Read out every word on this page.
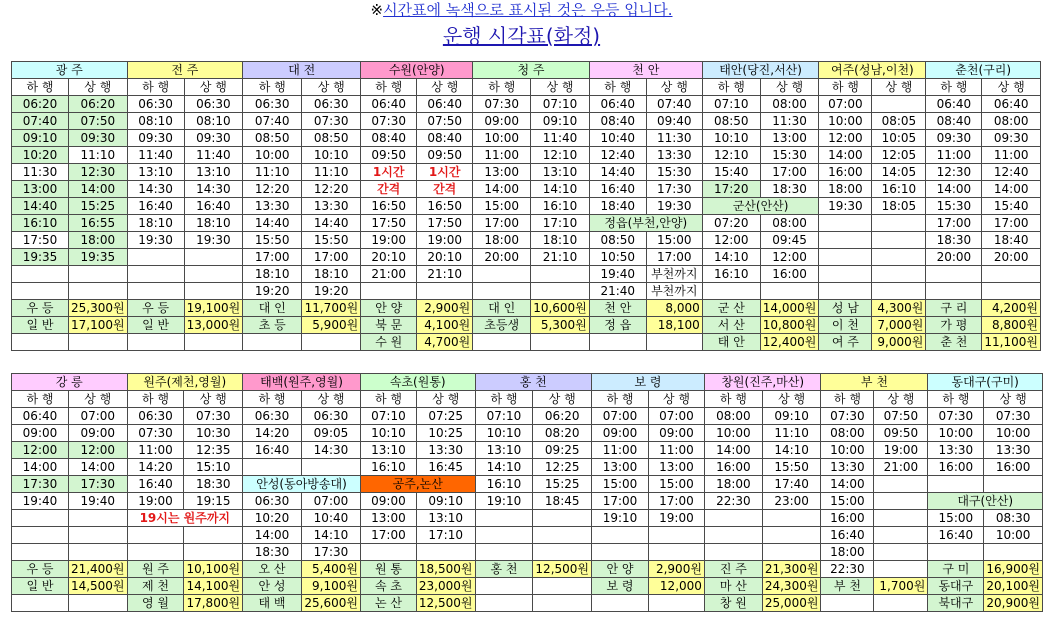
※시간표에 녹색으로 표시된 것은 우등 입니다.
운행 시각표(화정)
광 주		전 주		대 전		수원(안양)		청 주		천 안		태안(당진,서산)		여주(성남,이천)		춘천(구리)	
하 행	상 행	하 행	상 행	하 행	상 행	하 행	상 행	하 행	상 행	하 행	상 행	하 행	상 행	하 행	상 행	하 행	상 행
06:20	06:20	06:30	06:30	06:30	06:30	06:40	06:40	07:30	07:10	06:40	07:40	07:10	08:00	07:00		06:40	06:40
07:40	07:50	08:10	08:10	07:40	07:30	07:30	07:50	09:00	09:10	08:40	09:40	08:50	11:30	10:00	08:05	08:40	08:00
09:10	09:30	09:30	09:30	08:50	08:50	08:40	08:40	10:00	11:40	10:40	11:30	10:10	13:00	12:00	10:05	09:30	09:30
10:20	11:10	11:40	11:40	10:00	10:10	09:50	09:50	11:00	12:10	12:40	13:30	12:10	15:30	14:00	12:05	11:00	11:00
11:30	12:30	13:10	13:10	11:10	11:10	1시간	1시간	13:00	13:10	14:40	15:30	15:40	17:00	16:00	14:05	12:30	12:40
13:00	14:00	14:30	14:30	12:20	12:20	간격	간격	14:00	14:10	16:40	17:30	17:20	18:30	18:00	16:10	14:00	14:00
14:40	15:25	16:40	16:40	13:30	13:30	16:50	16:50	15:00	16:10	18:40	19:30	군산(안산)		19:30	18:05	15:30	15:40
16:10	16:55	18:10	18:10	14:40	14:40	17:50	17:50	17:00	17:10	정읍(부천,안양)		07:20	08:00			17:00	17:00
17:50	18:00	19:30	19:30	15:50	15:50	19:00	19:00	18:00	18:10	08:50	15:00	12:00	09:45			18:30	18:40
19:35	19:35			17:00	17:00	20:10	20:10	20:00	21:10	10:50	17:00	14:10	12:00			20:00	20:00
				18:10	18:10	21:00	21:10			19:40	부천까지	16:10	16:00				
				19:20	19:20					21:40	부천까지						
우 등	25,300원	우 등	19,100원	대 인	11,700원	안 양	2,900원	대 인	10,600원	천 안	8,000	군 산	14,000원	성 남	4,300원	구 리	4,200원
일 반	17,100원	일 반	13,000원	초 등	5,900원	북 문	4,100원	초등생	5,300원	정 읍	18,100	서 산	10,800원	이 천	7,000원	가 평	8,800원
						수 원	4,700원					태 안	12,400원	여 주	9,000원	춘 천	11,100원
강 릉		원주(제천,영월)		태백(원주,영월)		속초(원통)		홍 천		보 령		창원(진주,마산)		부 천		동대구(구미)	
하 행	상 행	하 행	상 행	하 행	상 행	하 행	상 행	하 행	상 행	하 행	상 행	하 행	상 행	하 행	상 행	하 행	상 행
06:40	07:00	06:30	07:30	06:30	06:30	07:10	07:25	07:10	06:20	07:00	07:00	08:00	09:10	07:30	07:50	07:30	07:30
09:00	09:00	07:30	10:30	14:20	09:05	10:10	10:25	10:10	08:20	09:00	09:00	10:00	11:10	08:00	09:50	10:00	10:00
12:00	12:00	11:00	12:35	16:40	14:30	13:10	13:30	13:10	09:25	11:00	11:00	14:00	14:10	10:00	19:00	13:30	13:30
14:00	14:00	14:20	15:10			16:10	16:45	14:10	12:25	13:00	13:00	16:00	15:50	13:30	21:00	16:00	16:00
17:30	17:30	16:40	18:30	안성(동아방송대)		공주,논산		16:10	15:25	15:00	15:00	18:00	17:40	14:00			
19:40	19:40	19:00	19:15	06:30	07:00	09:00	09:10	19:10	18:45	17:00	17:00	22:30	23:00	15:00		대구(안산)	
		19시는 원주까지		10:20	10:40	13:00	13:10			19:10	19:00			16:00		15:00	08:30
				14:00	14:10	17:00	17:10							16:40		16:40	10:00
				18:30	17:30									18:00			
우 등	21,400원	원 주	10,100원	오 산	5,400원	원 통	18,500원	홍 천	12,500원	안 양	2,900원	진 주	21,300원	22:30		구 미	16,900원
일 반	14,500원	제 천	14,100원	안 성	9,100원	속 초	23,000원			보 령	12,000	마 산	24,300원	부 천	1,700원	동대구	20,100원
		영 월	17,800원	태 백	25,600원	논 산	12,500원					창 원	25,000원			북대구	20,900원
